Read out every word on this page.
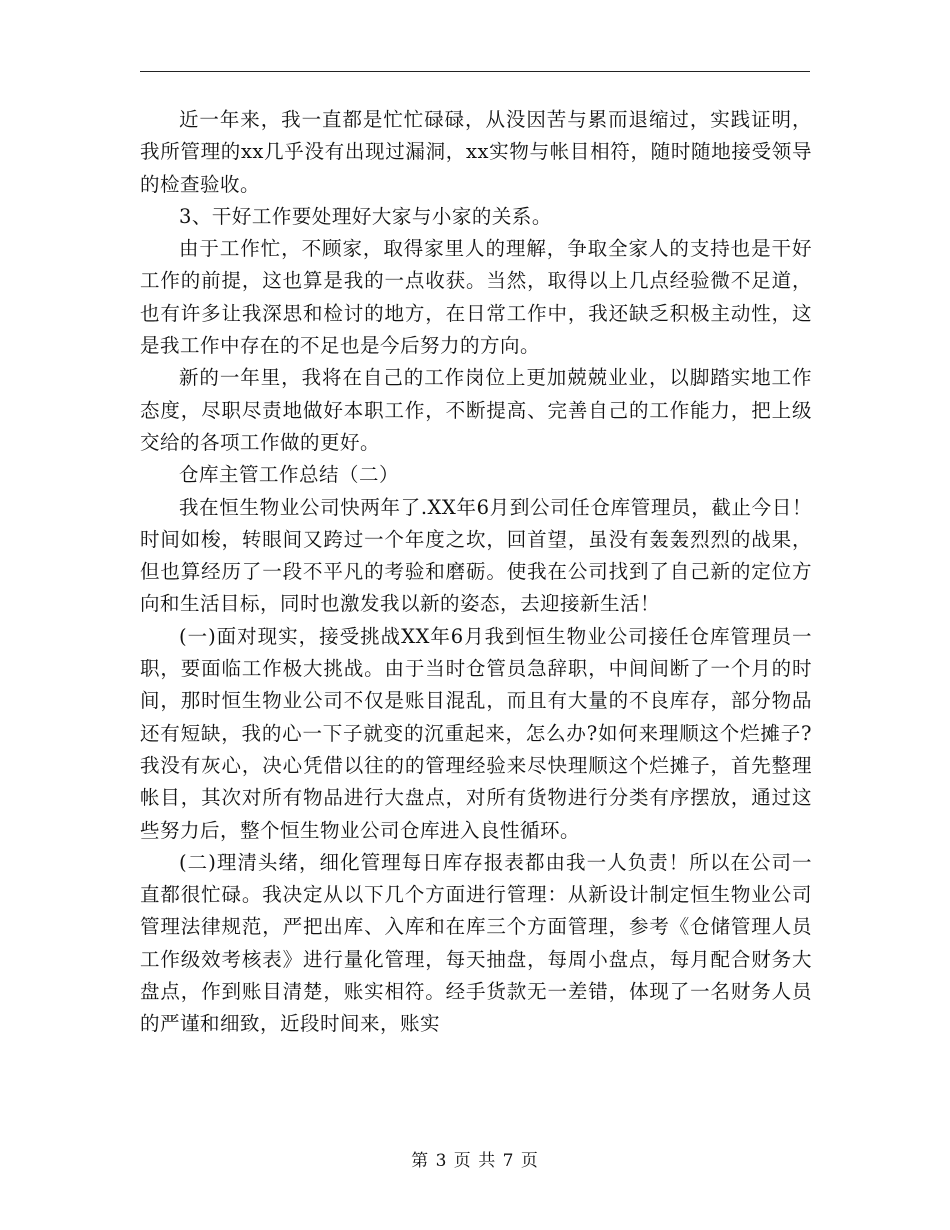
近一年来，我一直都是忙忙碌碌，从没因苦与累而退缩过，实践证明，我所管理的xx几乎没有出现过漏洞，xx实物与帐目相符，随时随地接受领导的检查验收。

3、干好工作要处理好大家与小家的关系。

由于工作忙，不顾家，取得家里人的理解，争取全家人的支持也是干好工作的前提，这也算是我的一点收获。当然，取得以上几点经验微不足道，也有许多让我深思和检讨的地方，在日常工作中，我还缺乏积极主动性，这是我工作中存在的不足也是今后努力的方向。

新的一年里，我将在自己的工作岗位上更加兢兢业业，以脚踏实地工作态度，尽职尽责地做好本职工作，不断提高、完善自己的工作能力，把上级交给的各项工作做的更好。

仓库主管工作总结（二）

我在恒生物业公司快两年了.XX年6月到公司任仓库管理员，截止今日！时间如梭，转眼间又跨过一个年度之坎，回首望，虽没有轰轰烈烈的战果，但也算经历了一段不平凡的考验和磨砺。使我在公司找到了自己新的定位方向和生活目标，同时也激发我以新的姿态，去迎接新生活！

(一)面对现实，接受挑战XX年6月我到恒生物业公司接任仓库管理员一职，要面临工作极大挑战。由于当时仓管员急辞职，中间间断了一个月的时间，那时恒生物业公司不仅是账目混乱，而且有大量的不良库存，部分物品还有短缺，我的心一下子就变的沉重起来，怎么办?如何来理顺这个烂摊子?我没有灰心，决心凭借以往的的管理经验来尽快理顺这个烂摊子，首先整理帐目，其次对所有物品进行大盘点，对所有货物进行分类有序摆放，通过这些努力后，整个恒生物业公司仓库进入良性循环。

(二)理清头绪，细化管理每日库存报表都由我一人负责！所以在公司一直都很忙碌。我决定从以下几个方面进行管理：从新设计制定恒生物业公司管理法律规范，严把出库、入库和在库三个方面管理，参考《仓储管理人员工作级效考核表》进行量化管理，每天抽盘，每周小盘点，每月配合财务大盘点，作到账目清楚，账实相符。经手货款无一差错，体现了一名财务人员的严谨和细致，近段时间来，账实

第 3 页 共 7 页
